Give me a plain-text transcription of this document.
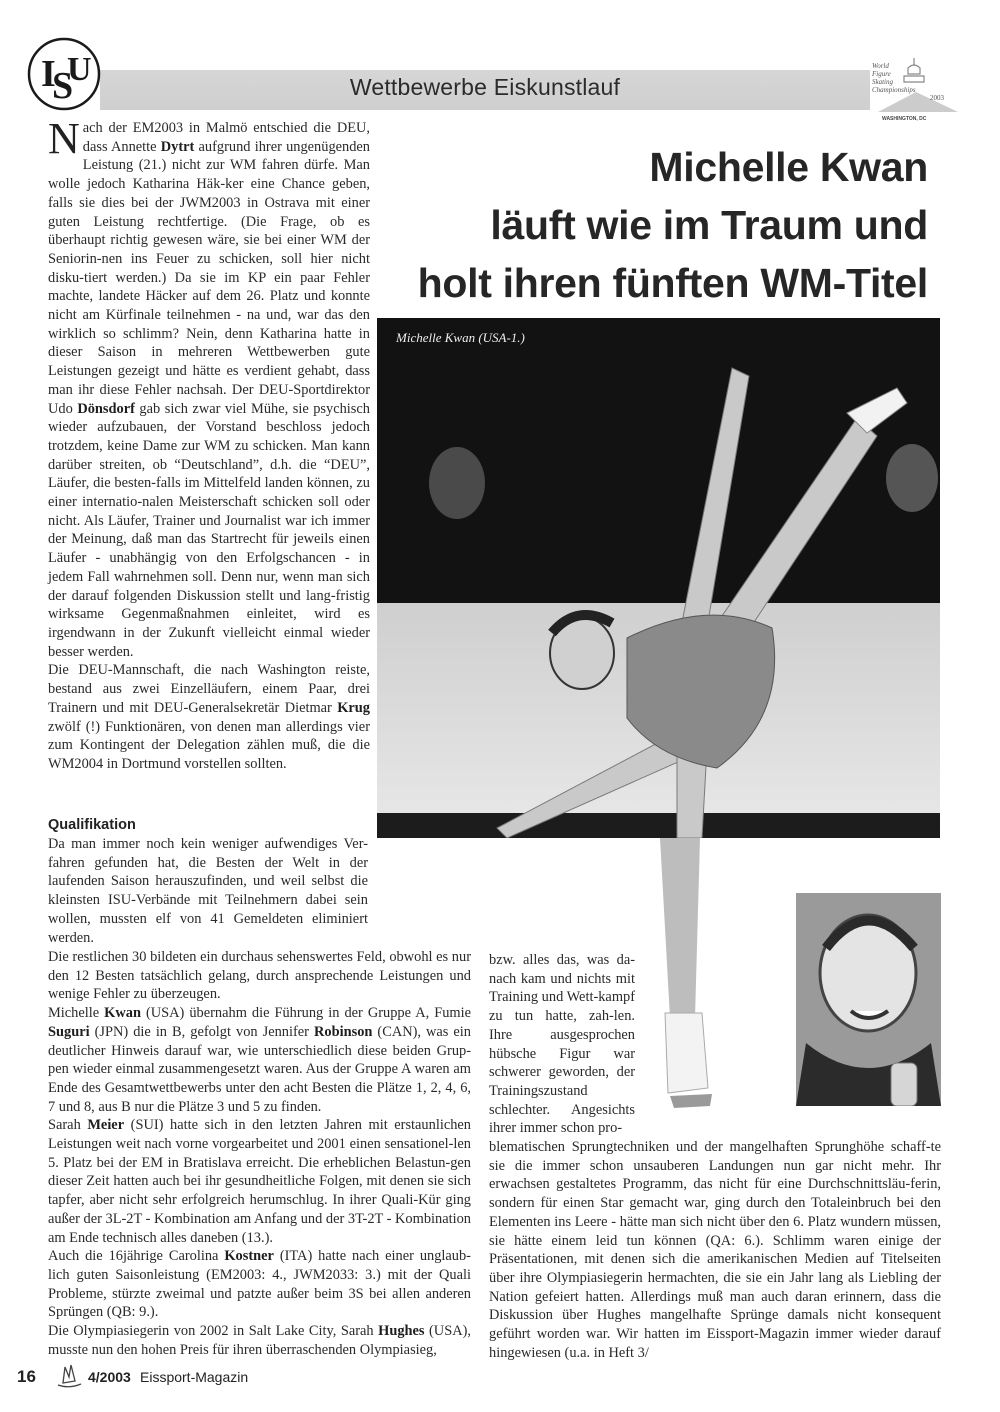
Wettbewerbe Eiskunstlauf
I
S
U	World
Figure
Skating
Championships
2003
WASHINGTON, DC
Michelle Kwan
läuft wie im Traum und
holt ihren fünften WM-Titel

Nach der EM2003 in Malmö entschied die DEU, dass Annette Dytrt aufgrund ihrer ungenügenden Leistung (21.) nicht zur WM fahren dürfe. Man wolle jedoch Katharina Häk-ker eine Chance geben, falls sie dies bei der JWM2003 in Ostrava mit einer guten Leistung rechtfertige. (Die Frage, ob es überhaupt richtig gewesen wäre, sie bei einer WM der Seniorin-nen ins Feuer zu schicken, soll hier nicht disku-tiert werden.) Da sie im KP ein paar Fehler machte, landete Häcker auf dem 26. Platz und konnte nicht am Kürfinale teilnehmen - na und, war das den wirklich so schlimm? Nein, denn Katharina hatte in dieser Saison in mehreren Wettbewerben gute Leistungen gezeigt und hätte es verdient gehabt, dass man ihr diese Fehler nachsah. Der DEU-Sportdirektor Udo Dönsdorf gab sich zwar viel Mühe, sie psychisch wieder aufzubauen, der Vorstand beschloss jedoch trotzdem, keine Dame zur WM zu schicken. Man kann darüber streiten, ob “Deutschland”, d.h. die “DEU”, Läufer, die besten-falls im Mittelfeld landen können, zu einer internatio-nalen Meisterschaft schicken soll oder nicht. Als Läufer, Trainer und Journalist war ich immer der Meinung, daß man das Startrecht für jeweils einen Läufer - unabhängig von den Erfolgschancen - in jedem Fall wahrnehmen soll. Denn nur, wenn man sich der darauf folgenden Diskussion stellt und lang-fristig wirksame Gegenmaßnahmen einleitet, wird es irgendwann in der Zukunft vielleicht einmal wieder besser werden.

Die DEU-Mannschaft, die nach Washington reiste, bestand aus zwei Einzelläufern, einem Paar, drei Trainern und mit DEU-Generalsekretär Dietmar Krug zwölf (!) Funktionären, von denen man allerdings vier zum Kontingent der Delegation zählen muß, die die WM2004 in Dortmund vorstellen sollten.

Qualifikation
Da man immer noch kein weniger aufwendiges Ver-fahren gefunden hat, die Besten der Welt in der laufenden Saison herauszufinden, und weil selbst die kleinsten ISU-Verbände mit Teilnehmern dabei sein wollen, mussten elf von 41 Gemeldeten eliminiert werden.

Die restlichen 30 bildeten ein durchaus sehenswertes Feld, obwohl es nur den 12 Besten tatsächlich gelang, durch ansprechende Leistungen und wenige Fehler zu überzeugen.

Michelle Kwan (USA) übernahm die Führung in der Gruppe A, Fumie Suguri (JPN) die in B, gefolgt von Jennifer Robinson (CAN), was ein deutlicher Hinweis darauf war, wie unterschiedlich diese beiden Grup-pen wieder einmal zusammengesetzt waren. Aus der Gruppe A waren am Ende des Gesamtwettbewerbs unter den acht Besten die Plätze 1, 2, 4, 6, 7 und 8, aus B nur die Plätze 3 und 5 zu finden.

Sarah Meier (SUI) hatte sich in den letzten Jahren mit erstaunlichen Leistungen weit nach vorne vorgearbeitet und 2001 einen sensationel-len 5. Platz bei der EM in Bratislava erreicht. Die erheblichen Belastun-gen dieser Zeit hatten auch bei ihr gesundheitliche Folgen, mit denen sie sich tapfer, aber nicht sehr erfolgreich herumschlug. In ihrer Quali-Kür ging außer der 3L-2T - Kombination am Anfang und der 3T-2T - Kombination am Ende technisch alles daneben (13.).

Auch die 16jährige Carolina Kostner (ITA) hatte nach einer unglaub-lich guten Saisonleistung (EM2003: 4., JWM2033: 3.) mit der Quali Probleme, stürzte zweimal und patzte außer beim 3S bei allen anderen Sprüngen (QB: 9.).

Die Olympiasiegerin von 2002 in Salt Lake City, Sarah Hughes (USA), musste nun den hohen Preis für ihren überraschenden Olympiasieg,

bzw. alles das, was da-nach kam und nichts mit Training und Wett-kampf zu tun hatte, zah-len. Ihre ausgesprochen hübsche Figur war schwerer geworden, der Trainingszustand schlechter. Angesichts ihrer immer schon pro-
blematischen Sprungtechniken und der mangelhaften Sprunghöhe schaff-te sie die immer schon unsauberen Landungen nun gar nicht mehr. Ihr erwachsen gestaltetes Programm, das nicht für eine Durchschnittsläu-ferin, sondern für einen Star gemacht war, ging durch den Totaleinbruch bei den Elementen ins Leere - hätte man sich nicht über den 6. Platz wundern müssen, sie hätte einem leid tun können (QA: 6.). Schlimm waren einige der Präsentationen, mit denen sich die amerikanischen Medien auf Titelseiten über ihre Olympiasiegerin hermachten, die sie ein Jahr lang als Liebling der Nation gefeiert hatten. Allerdings muß man auch daran erinnern, dass die Diskussion über Hughes mangelhafte Sprünge damals nicht konsequent geführt worden war. Wir hatten im Eissport-Magazin immer wieder darauf hingewiesen (u.a. in Heft 3/
Michelle Kwan (USA-1.)
16	4/2003 Eissport-Magazin
